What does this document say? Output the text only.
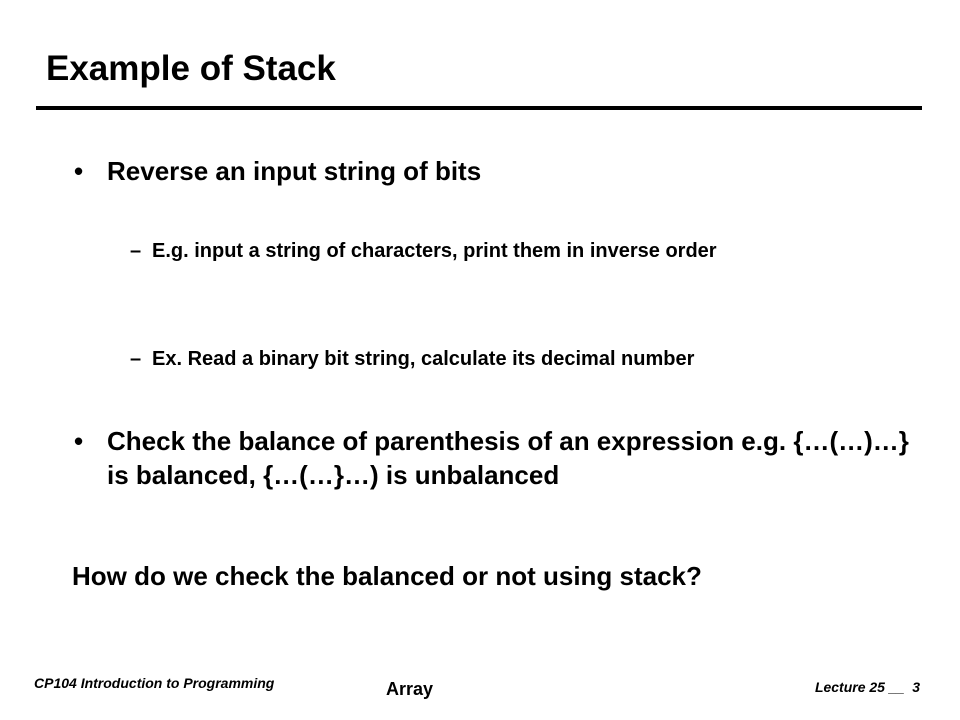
Example of Stack
• Reverse an input string of bits
– E.g. input a string of characters, print them in inverse order
– Ex. Read a binary bit string, calculate its decimal number
• Check the balance of parenthesis of an expression e.g. {…(…)…} is balanced, {…(…}…) is unbalanced
How do we check the balanced or not using stack?
CP104 Introduction to Programming	Array	Lecture 25 __  3
